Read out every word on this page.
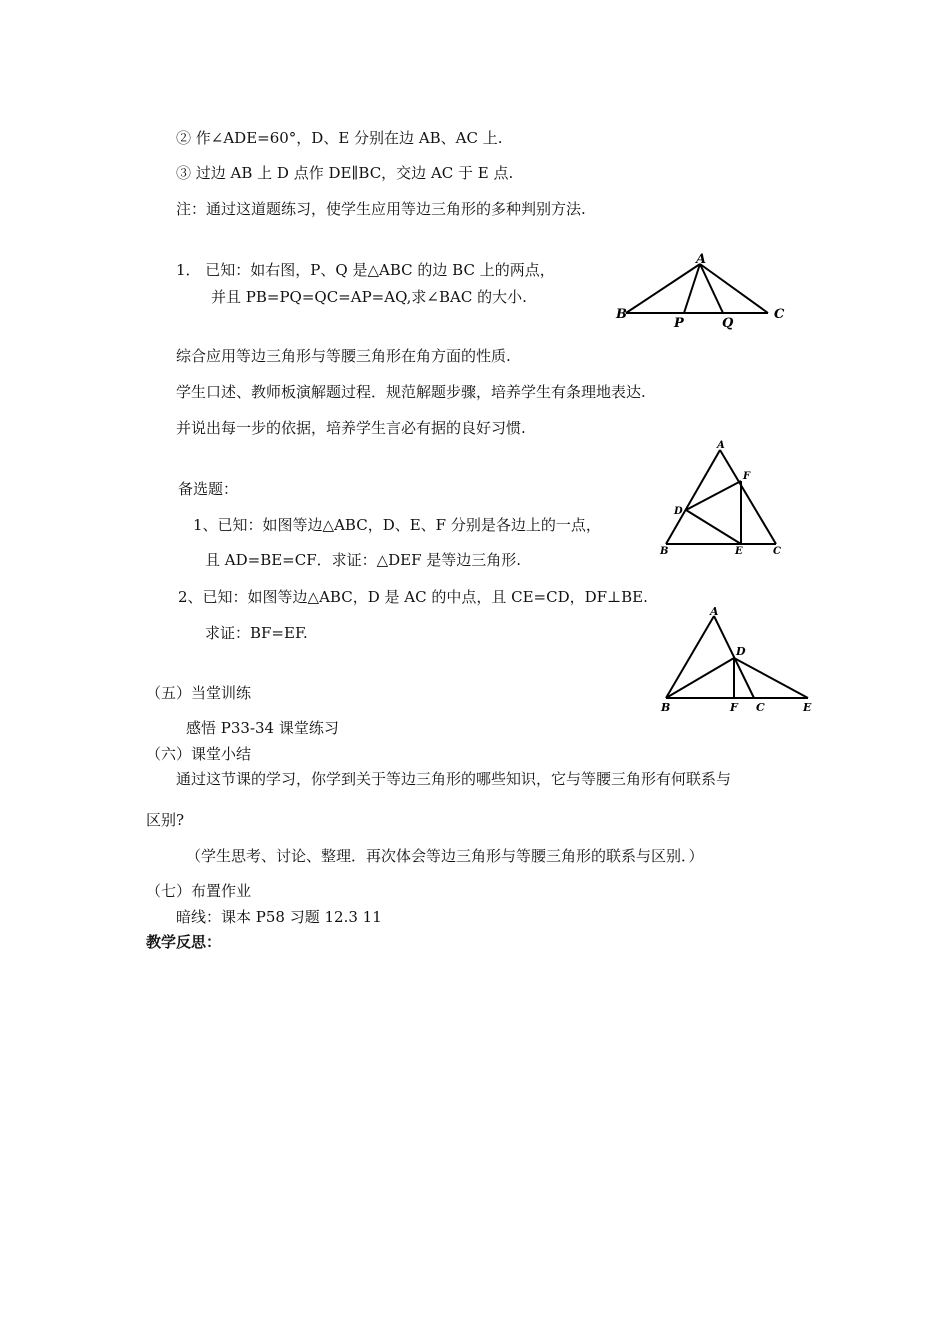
② 作∠ADE=60°，D、E 分别在边 AB、AC 上.
③ 过边 AB 上 D 点作 DE∥BC，交边 AC 于 E 点.
注：通过这道题练习，使学生应用等边三角形的多种判别方法.
1． 已知：如右图，P、Q 是△ABC 的边 BC 上的两点，
并且 PB=PQ=QC=AP=AQ,求∠BAC 的大小.
A
B
P	Q
C
综合应用等边三角形与等腰三角形在角方面的性质.
学生口述、教师板演解题过程．规范解题步骤，培养学生有条理地表达.
并说出每一步的依据，培养学生言必有据的良好习惯.
备选题：
A
F
D
B	E	C
1、已知：如图等边△ABC，D、E、F 分别是各边上的一点，
且 AD=BE=CF．求证：△DEF 是等边三角形.
2、已知：如图等边△ABC，D 是 AC 的中点，且 CE=CD，DF⊥BE.
求证：BF=EF.
A
D
B	F C	E
（五）当堂训练
感悟 P33-34 课堂练习
（六）课堂小结
通过这节课的学习，你学到关于等边三角形的哪些知识，它与等腰三角形有何联系与
区别?
（学生思考、讨论、整理．再次体会等边三角形与等腰三角形的联系与区别．）
（七）布置作业
暗线：课本 P58 习题 12.3 11
教学反思：
